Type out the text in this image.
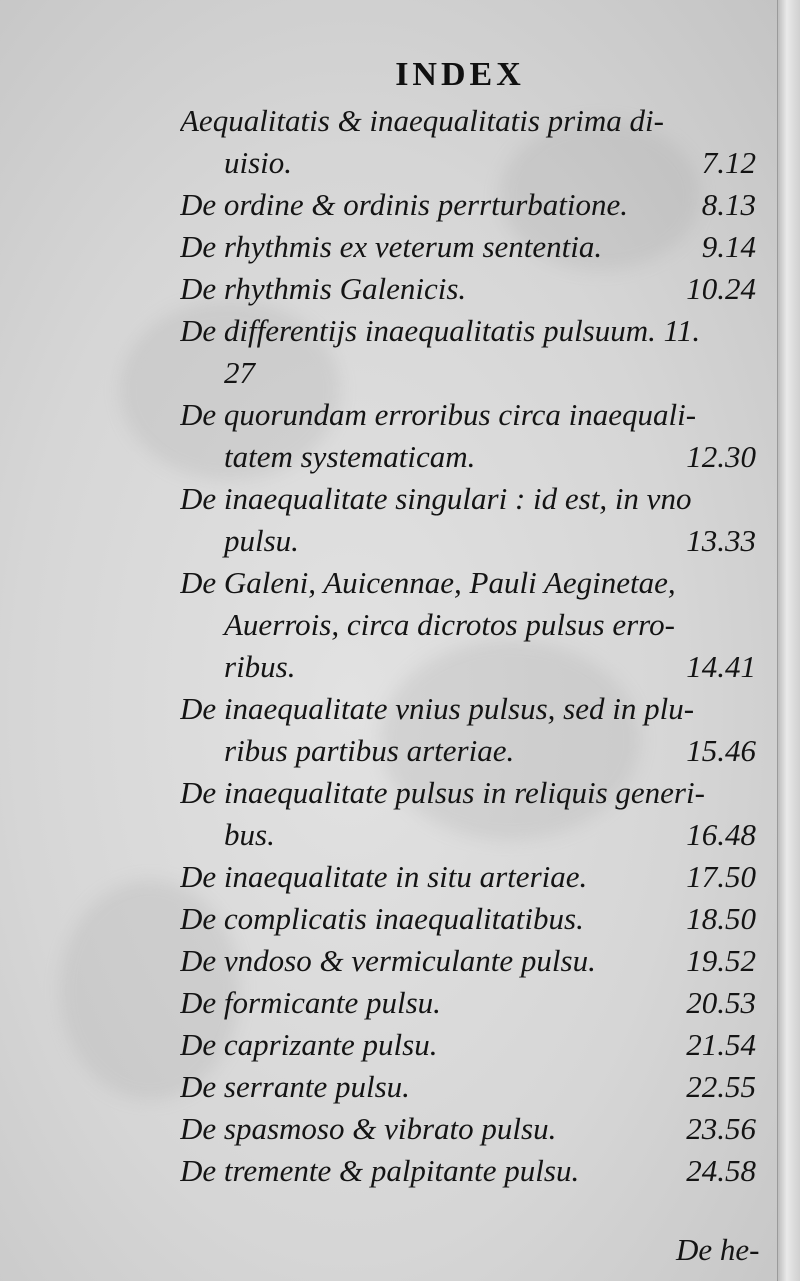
INDEX
Aequalitatis & inaequalitatis prima di-
uisio.	7.12
De ordine & ordinis perrturbatione.	8.13
De rhythmis ex veterum sententia.	9.14
De rhythmis Galenicis.	10.24
De differentijs inaequalitatis pulsuum. 11.
27
De quorundam erroribus circa inaequali-
tatem systematicam.	12.30
De inaequalitate singulari : id est, in vno
pulsu.	13.33
De Galeni, Auicennae, Pauli Aeginetae,
Auerrois, circa dicrotos pulsus erro-
ribus.	14.41
De inaequalitate vnius pulsus, sed in plu-
ribus partibus arteriae.	15.46
De inaequalitate pulsus in reliquis generi-
bus.	16.48
De inaequalitate in situ arteriae.	17.50
De complicatis inaequalitatibus.	18.50
De vndoso & vermiculante pulsu.	19.52
De formicante pulsu.	20.53
De caprizante pulsu.	21.54
De serrante pulsu.	22.55
De spasmoso & vibrato pulsu.	23.56
De tremente & palpitante pulsu.	24.58
De he-
